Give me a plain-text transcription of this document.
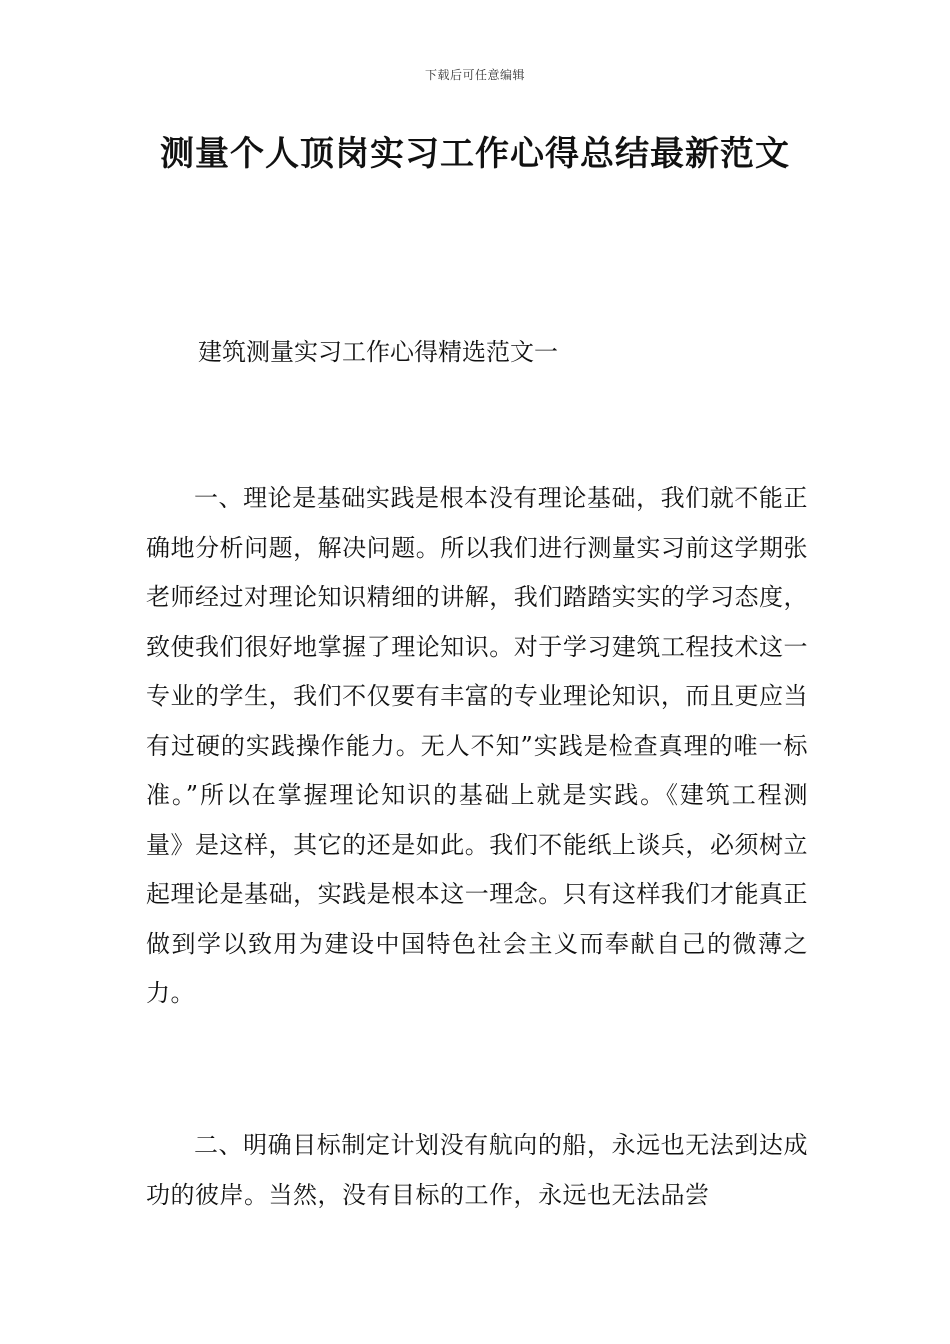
下载后可任意编辑
测量个人顶岗实习工作心得总结最新范文
建筑测量实习工作心得精选范文一

一、理论是基础实践是根本没有理论基础，我们就不能正确地分析问题，解决问题。所以我们进行测量实习前这学期张老师经过对理论知识精细的讲解，我们踏踏实实的学习态度，致使我们很好地掌握了理论知识。对于学习建筑工程技术这一专业的学生，我们不仅要有丰富的专业理论知识，而且更应当有过硬的实践操作能力。无人不知”实践是检查真理的唯一标准。”所以在掌握理论知识的基础上就是实践。《建筑工程测量》是这样，其它的还是如此。我们不能纸上谈兵，必须树立起理论是基础，实践是根本这一理念。只有这样我们才能真正做到学以致用为建设中国特色社会主义而奉献自己的微薄之力。

二、明确目标制定计划没有航向的船，永远也无法到达成功的彼岸。当然，没有目标的工作，永远也无法品尝
